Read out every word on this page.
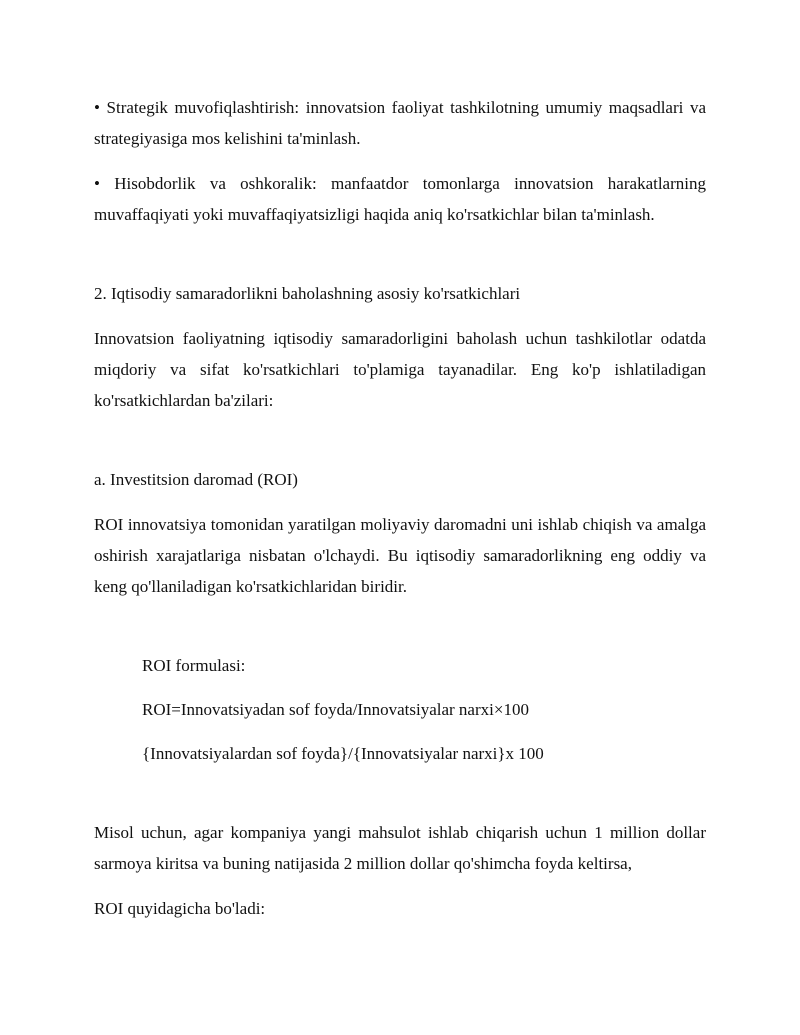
• Strategik muvofiqlashtirish: innovatsion faoliyat tashkilotning umumiy maqsadlari va strategiyasiga mos kelishini ta'minlash.

• Hisobdorlik va oshkoralik: manfaatdor tomonlarga innovatsion harakatlarning muvaffaqiyati yoki muvaffaqiyatsizligi haqida aniq ko'rsatkichlar bilan ta'minlash.

2. Iqtisodiy samaradorlikni baholashning asosiy ko'rsatkichlari

Innovatsion faoliyatning iqtisodiy samaradorligini baholash uchun tashkilotlar odatda miqdoriy va sifat ko'rsatkichlari to'plamiga tayanadilar. Eng ko'p ishlatiladigan ko'rsatkichlardan ba'zilari:

a. Investitsion daromad (ROI)

ROI innovatsiya tomonidan yaratilgan moliyaviy daromadni uni ishlab chiqish va amalga oshirish xarajatlariga nisbatan o'lchaydi. Bu iqtisodiy samaradorlikning eng oddiy va keng qo'llaniladigan ko'rsatkichlaridan biridir.

ROI formulasi:

ROI=Innovatsiyadan sof foyda/Innovatsiyalar narxi×100

{Innovatsiyalardan sof foyda}/{Innovatsiyalar narxi}x 100

Misol uchun, agar kompaniya yangi mahsulot ishlab chiqarish uchun 1 million dollar sarmoya kiritsa va buning natijasida 2 million dollar qo'shimcha foyda keltirsa,

ROI quyidagicha bo'ladi:
